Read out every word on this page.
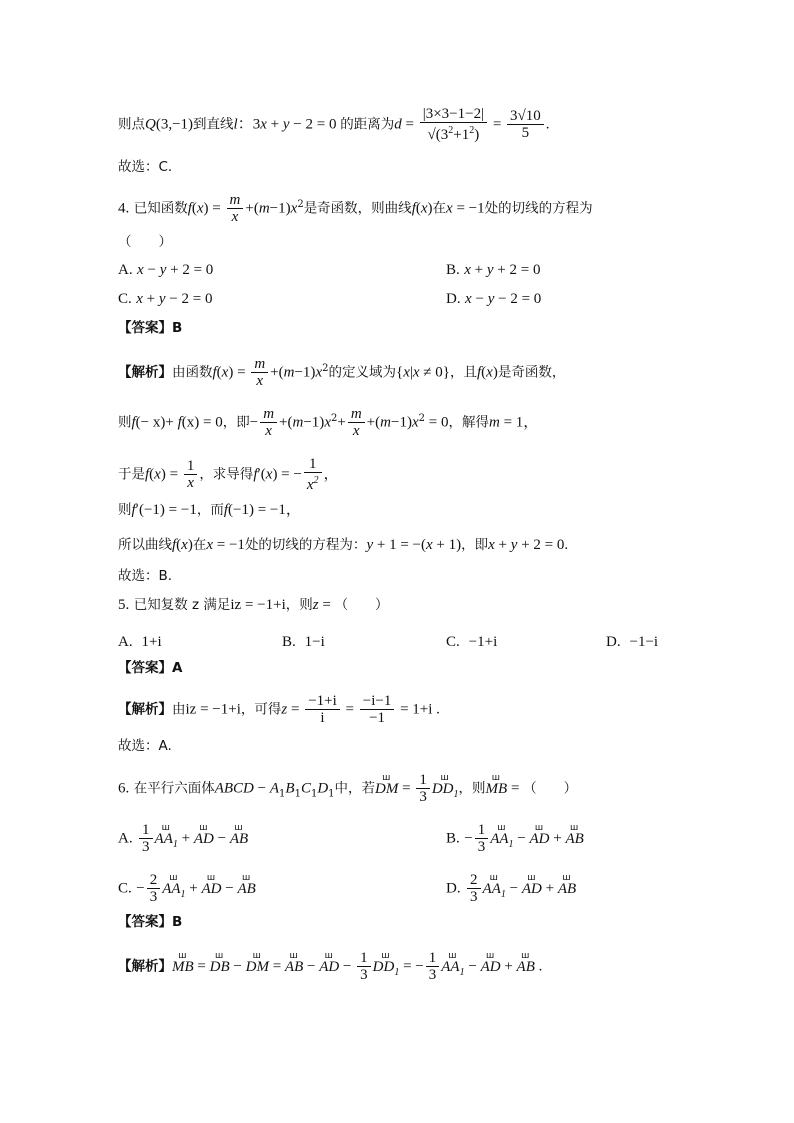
则点Q(3,−1)到直线l：3x + y − 2 = 0 的距离为$d = \frac{|3\times 3-1-2|}{√(3^2+1^2)} = \frac{3√10}{5}$ .
故选：C.
4. 已知函数$f(x) = \frac{m}{x} +(m-1)x^2$是奇函数，则曲线f(x)在x = −1处的切线的方程为
（　　）
A. x − y + 2 = 0	B. x + y + 2 = 0
C. x + y − 2 = 0	D. x − y − 2 = 0
【答案】B
【解析】由函数$f(x) = \frac{m}{x} +(m-1)x^2$的定义域为{x|x ≠ 0}，且f(x)是奇函数，
则f(− x)+ f(x) = 0，即− $\frac{m}{x} +(m-1)x^2+ \frac{m}{x} +(m-1)x^2 = 0$，解得m = 1，
于是$f(x) = \frac{1}{x}$ ，求导得f′(x) = − $\frac{1}{x^2}$ ，
则f′(−1) = −1，而f(−1) = −1，
所以曲线f(x)在x = −1处的切线的方程为：y + 1 = −(x + 1)，即x + y + 2 = 0.
故选：B.
5. 已知复数 z 满足iz = −1+i，则z = （　　）
A. 1+i	B. 1−i	C. −1+i	D. −1−i
【答案】A
【解析】由iz = −1+i，可得$z = \frac{-1+i}{i} = \frac{-i-1}{-1} = 1+i$ .
故选：A.
6. 在平行六面体ABCD − $A_1B_1C_1D_1$中，若ш DM = $\frac{1}{3}$ ш $DD_1$，则ш MB = （　　）
A. $\frac{1}{3}$ ш $AA_1 + ш$ AD − ш AB	B. − $\frac{1}{3}$ ш $AA_1 - ш$ AD + ш AB
C. − $\frac{2}{3}$ ш $AA_1 + ш$ AD − ш AB	D. $\frac{2}{3}$ ш $AA_1 - ш$ AD + ш AB
【答案】B
【解析】ш MB = ш DB − ш DM = ш AB − ш AD − $\frac{1}{3}$ ш $DD_1$ = − $\frac{1}{3}$ ш $AA_1 - ш$ AD + ш AB .
